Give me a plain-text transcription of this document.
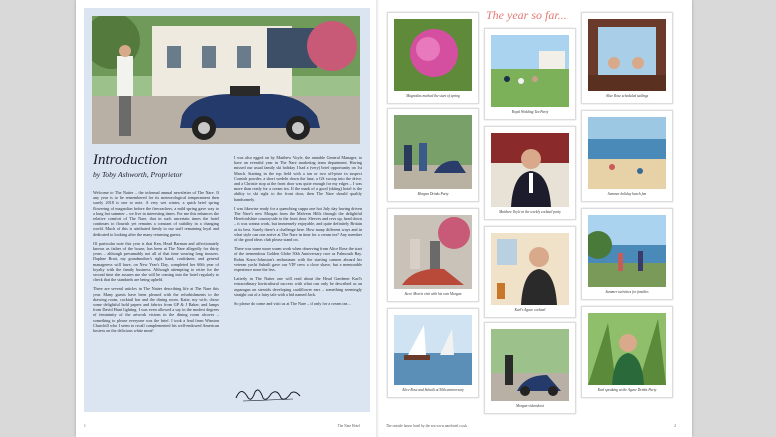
Introduction
by Toby Ashworth, Proprietor

Welcome to The Natter – the informal annual newsletter of The Nare. If any year is to be remembered for its meteorological temperament then surely 2018 is one to note. A very wet winter, a quick brief spring flowering of magnolias before the firecrackers, a mild spring gave way to a long hot summer – we live in interesting times. For me this enhances the relative comfort of The Nare, that in such uncertain times the hotel continues to flourish yet remains a constant of stability in a changing world. Much of this is attributed firmly to our staff remaining loyal and dedicated to looking after the many returning guests.

Of particular note this year is that Ken, Head Barman and affectionately known as father of the house, has been at The Nare allegedly for thirty years – although presumably not all of that time wearing long trousers. Daphne Bratt, my grandmother's right hand, confidante, and general manageress will have, on New Year's Day, completed her 60th year of loyalty with the family business. Although attempting to retire for the second time she assures me she will be coming into the hotel regularly to check that the standards are being upheld.

There are several articles in The Natter describing life at The Nare this year. Many guests have been pleased with the refurbishments to the drawing room, cocktail bar and the dining room. Katie, my wife, chose some delightful bold papers and fabrics from GP & J Baker, and lamps from David Hunt lighting. I was even allowed a say in the modest degrees of femininity of the artwork visions in the dining room alcoves – something to please everyone was the brief. I took a lead from Winston Churchill who I seem to recall complemented his well-endowed American hostess on the delicious white meat!

I was also egged on by Matthew Voyle, the amiable General Manager, to have an eventful year in The Nare marketing team department. Having missed our usual family ski holiday I had a (very) brief opportunity on 1st March. Starting in the top field with a tan or two off-piste in suspect Cornish powder, a short wedeln down the lane, a GS swoop into the drive, and a Christie stop at the front door was quite enough for my edges – I was more than ready for a cream tea. If the mark of a good (skiing) hotel is the ability to ski right to the front door, then The Nare should qualify handsomely.

I was likewise ready for a quenching cuppa one hot July day having driven The Nare's new Morgan from the Malvern Hills through the delightful Herefordshire countryside to the front door. Sleeves and revs up, head down – it was wanna work, but immensely enjoyable, and quite definitely Britain at its best. Surely there's a challenge here. How many different ways and in what style can one arrive at The Nare in time for a cream tea? Any member of the good ideas club please stand on.

There was some more warm work when observing from Alice Rose the start of the tremendous Golden Globe 50th Anniversary race as Falmouth Bay. Robin Knox-Johnston's enthusiasm with the starting cannon aboard his veteran yacht Suhaili gave our VIP crew a close shave, but a memorable experience none the less.

Latterly in The Natter one will read about the Head Gardener Karl's extraordinary horticultural success with what can only be described as an asparagus on steroids developing cauliflower ears – something seemingly straight out of a fairy tale with a bid named Jack.

So please do come and visit us at The Nare – if only for a cream tea…

1	The Nare Hotel
The year so far...
Magnolias marked the start of spring
Morgan Drinks Party
Steve Morris visit with his own Morgan
Alice Rose and Suhaili at 50th anniversary
Royal Wedding Tea Party
Matthew Voyle at the weekly cocktail party
Karl's Agave cocktail
Morgan videoshoot
Alice Rose scheduled sailings
Summer holiday beach fun
Summer activities for families
Karl speaking at the Agave Drinks Party
The seaside house hotel by the sea www.narehotel.co.uk	2
